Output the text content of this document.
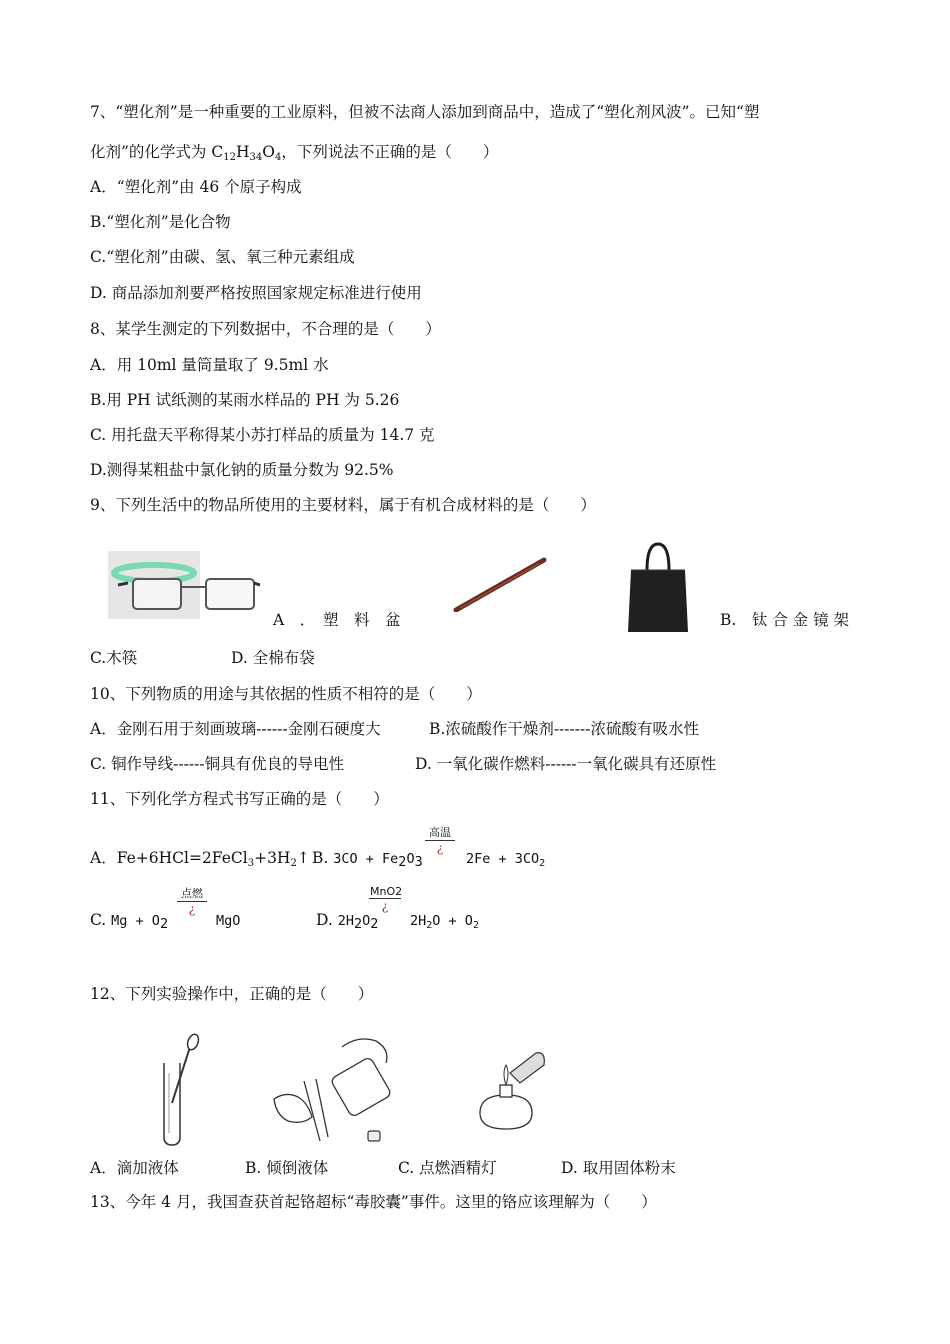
7、“塑化剂”是一种重要的工业原料，但被不法商人添加到商品中，造成了“塑化剂风波”。已知“塑
化剂”的化学式为 $C_{12}H_{34}O_4$，下列说法不正确的是（　　）
A．“塑化剂”由 46 个原子构成
B.“塑化剂”是化合物
C.“塑化剂”由碳、氢、氧三种元素组成
D. 商品添加剂要严格按照国家规定标准进行使用
8、某学生测定的下列数据中，不合理的是（　　）
A．用 10ml 量筒量取了 9.5ml 水
B.用 PH 试纸测的某雨水样品的 PH 为 5.26
C. 用托盘天平称得某小苏打样品的质量为 14.7 克
D.测得某粗盐中氯化钠的质量分数为 92.5%
9、下列生活中的物品所使用的主要材料，属于有机合成材料的是（　　）
A　．　塑　料　盆	B.　钛 合 金 镜 架
C.木筷	D. 全棉布袋
10、下列物质的用途与其依据的性质不相符的是（　　）
A．金刚石用于刻画玻璃------金刚石硬度大	B.浓硫酸作干燥剂-------浓硫酸有吸水性
C. 铜作导线------铜具有优良的导电性	D. 一氧化碳作燃料------一氧化碳具有还原性
11、下列化学方程式书写正确的是（　　）
A．$Fe+6HCl=2FeCl_3+3H_2↑$ B. $3CO + Fe_2O_3$
高温
¿
$2Fe + 3CO_2$
C. $Mg + O_2$
点燃
¿
MgO	D. $2H_2O_2$
MnO2
¿
$2H_2O + O_2$
12、下列实验操作中，正确的是（　　）
A．滴加液体	B. 倾倒液体	C. 点燃酒精灯	D. 取用固体粉末
13、今年 4 月，我国查获首起铬超标“毒胶囊”事件。这里的铬应该理解为（　　）
